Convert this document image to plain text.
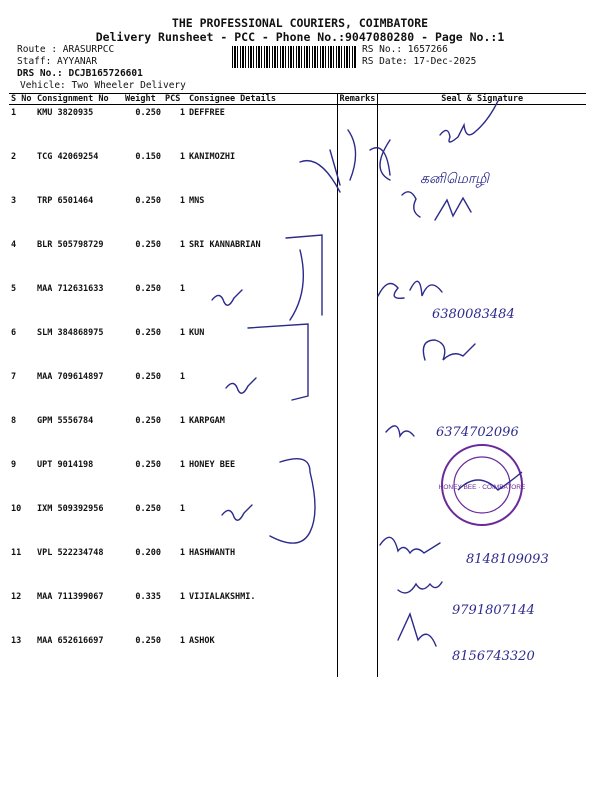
THE PROFESSIONAL COURIERS, COIMBATORE
Delivery Runsheet - PCC - Phone No.:9047080280 - Page No.:1
Route : ARASURPCC
Staff: AYYANAR
DRS No.: DCJB165726601
Vehicle: Two Wheeler Delivery
RS No.: 1657266
RS Date: 17-Dec-2025
S No	Consignment No	Weight	PCS	Consignee Details	Remarks	Seal & Signature
1	KMU 3820935	0.250	1	DEFFREE		
2	TCG 42069254	0.150	1	KANIMOZHI		
3	TRP 6501464	0.250	1	MNS		
4	BLR 505798729	0.250	1	SRI KANNABRIAN		
5	MAA 712631633	0.250	1			
6	SLM 384868975	0.250	1	KUN		
7	MAA 709614897	0.250	1			
8	GPM 5556784	0.250	1	KARPGAM		
9	UPT 9014198	0.250	1	HONEY BEE		
10	IXM 509392956	0.250	1			
11	VPL 522234748	0.200	1	HASHWANTH		
12	MAA 711399067	0.335	1	VIJIALAKSHMI.		
13	MAA 652616697	0.250	1	ASHOK		
கனிமொழி
6380083484
6374702096
8148109093
9791807144
8156743320
HONEY BEE · COIMBATORE
